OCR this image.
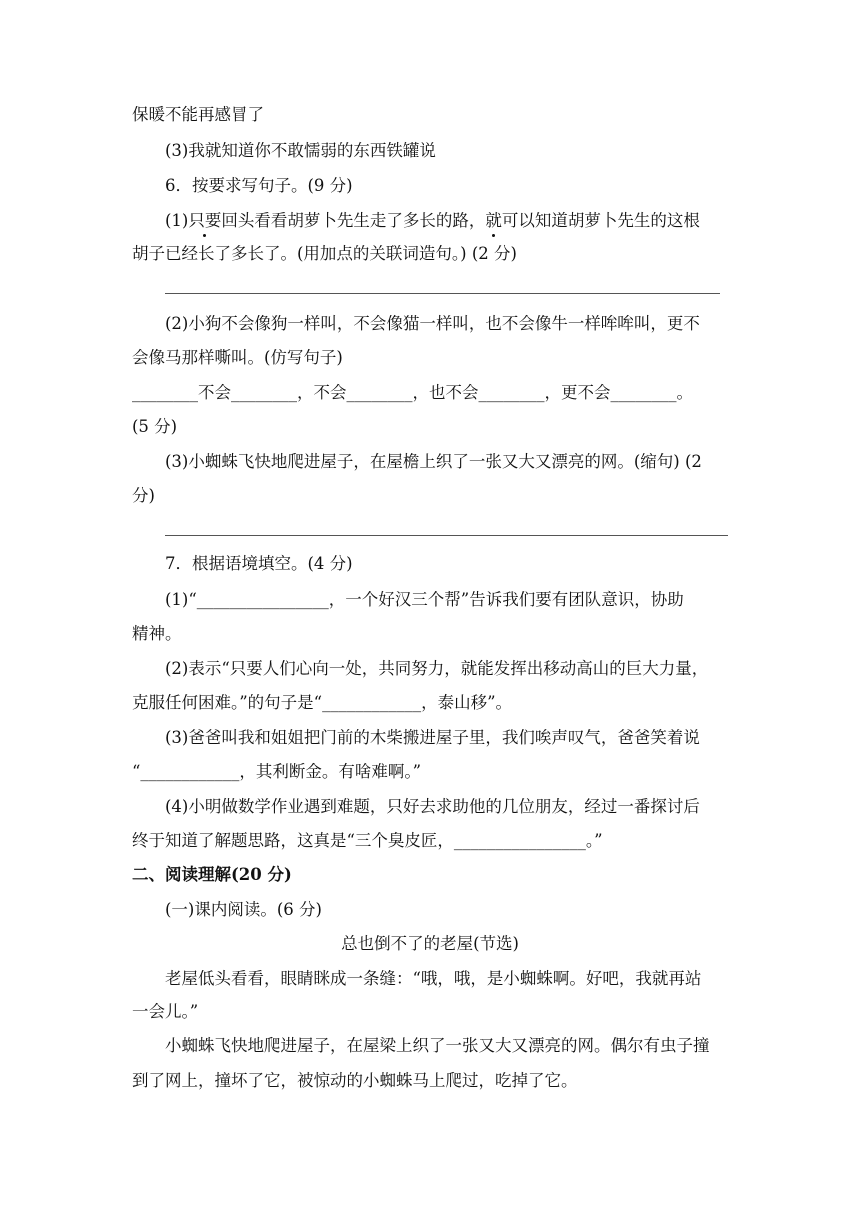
保暖不能再感冒了
(3)我就知道你不敢懦弱的东西铁罐说
6．按要求写句子。(9 分)
(1)只要回头看看胡萝卜先生走了多长的路，就可以知道胡萝卜先生的这根
胡子已经长了多长了。(用加点的关联词造句。) (2 分)
(2)小狗不会像狗一样叫，不会像猫一样叫，也不会像牛一样哞哞叫，更不
会像马那样嘶叫。(仿写句子)
________不会________，不会________，也不会________，更不会________。
(5 分)
(3)小蜘蛛飞快地爬进屋子，在屋檐上织了一张又大又漂亮的网。(缩句) (2
分)
7．根据语境填空。(4 分)
(1)“________________，一个好汉三个帮”告诉我们要有团队意识，协助
精神。
(2)表示“只要人们心向一处，共同努力，就能发挥出移动高山的巨大力量，
克服任何困难。”的句子是“____________，泰山移”。
(3)爸爸叫我和姐姐把门前的木柴搬进屋子里，我们唉声叹气，爸爸笑着说
“____________，其利断金。有啥难啊。”
(4)小明做数学作业遇到难题，只好去求助他的几位朋友，经过一番探讨后
终于知道了解题思路，这真是“三个臭皮匠，________________。”
二、阅读理解(20 分)
(一)课内阅读。(6 分)
总也倒不了的老屋(节选)
老屋低头看看，眼睛眯成一条缝：“哦，哦，是小蜘蛛啊。好吧，我就再站
一会儿。”
小蜘蛛飞快地爬进屋子，在屋梁上织了一张又大又漂亮的网。偶尔有虫子撞
到了网上，撞坏了它，被惊动的小蜘蛛马上爬过，吃掉了它。
